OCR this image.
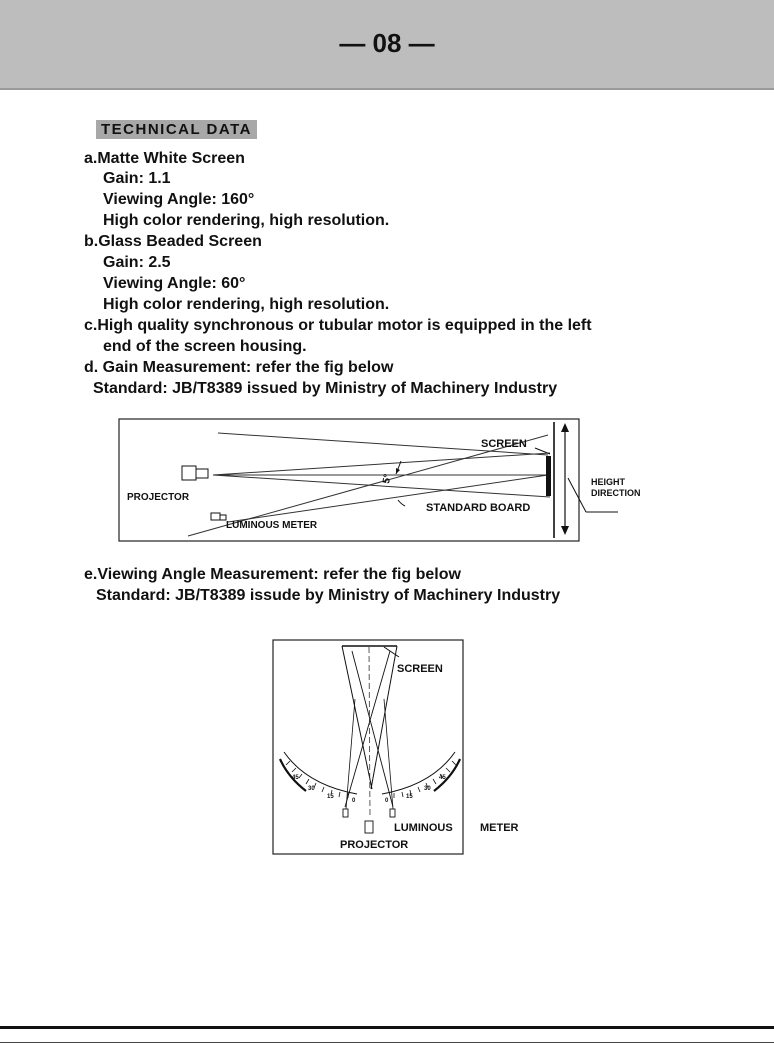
— 08 —
TECHNICAL DATA
a.Matte White Screen
Gain: 1.1
Viewing Angle: 160°
High color rendering, high resolution.
b.Glass Beaded Screen
Gain: 2.5
Viewing Angle: 60°
High color rendering, high resolution.
c.High quality synchronous or tubular motor is equipped in the left
end of the screen housing.
d. Gain Measurement: refer the fig below
Standard: JB/T8389 issued by Ministry of Machinery Industry
SCREEN
PROJECTOR
STANDARD BOARD
LUMINOUS METER
HEIGHT
DIRECTION
5°
e.Viewing Angle Measurement: refer the fig below
Standard: JB/T8389 issude by Ministry of Machinery Industry
45
30
15
0	0
15
30
45
SCREEN
LUMINOUS METER
PROJECTOR
